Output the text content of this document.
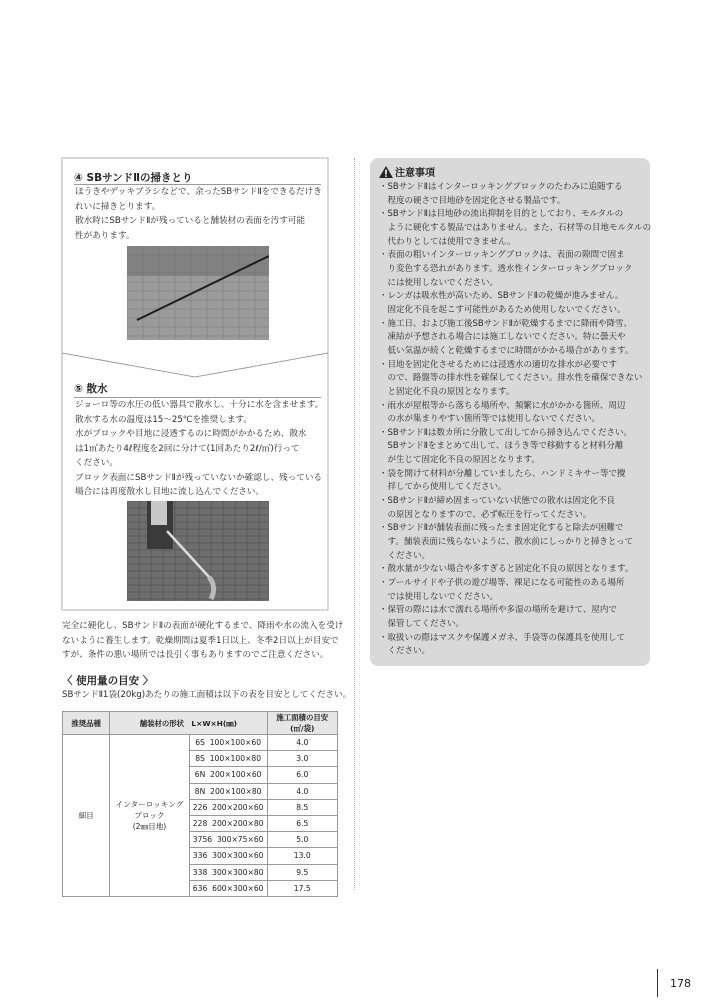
④ SBサンドⅡの掃きとり
ほうきやデッキブラシなどで、余ったSBサンドⅡをできるだけき
れいに掃きとります。
散水時にSBサンドⅡが残っていると舗装材の表面を汚す可能
性があります。
⑤ 散水
ジョーロ等の水圧の低い器具で散水し、十分に水を含ませます。
散水する水の温度は15～25℃を推奨します。
水がブロックや目地に浸透するのに時間がかかるため、散水
は1㎡あたり4ℓ程度を2回に分けて(1回あたり2ℓ/㎡)行って
ください。
ブロック表面にSBサンドⅡが残っていないか確認し、残っている
場合には再度散水し目地に流し込んでください。
完全に硬化し、SBサンドⅡの表面が硬化するまで、降雨や水の流入を受け
ないように養生します。乾燥期間は夏季1日以上、冬季2日以上が目安で
すが、条件の悪い場所では長引く事もありますのでご注意ください。
〈 使用量の目安 〉
SBサンドⅡ1袋(20kg)あたりの施工面積は以下の表を目安としてください。
推奨品種	舗装材の形状　L×W×H(㎜)		施工面積の目安
(㎡/袋)

細目	インターロッキング
ブロック
(2㎜目地)	6S 100×100×60	4.0
		8S 100×100×80	3.0
		6N 200×100×60	6.0
		8N 200×100×80	4.0
		226 200×200×60	8.5
		228 200×200×80	6.5
		3756 300×75×60	5.0
		336 300×300×60	13.0
		338 300×300×80	9.5
		636 600×300×60	17.5
注意事項
・SBサンドⅡはインターロッキングブロックのたわみに追随する
　程度の硬さで目地砂を固定化させる製品です。
・SBサンドⅡは目地砂の流出抑制を目的としており、モルタルの
　ように硬化する製品ではありません。また、石材等の目地モルタルの
　代わりとしては使用できません。
・表面の粗いインターロッキングブロックは、表面の隙間で固ま
　り変色する恐れがあります。透水性インターロッキングブロック
　には使用しないでください。
・レンガは吸水性が高いため、SBサンドⅡの乾燥が進みません。
　固定化不良を起こす可能性があるため使用しないでください。
・施工日、および施工後SBサンドⅡが乾燥するまでに降雨や降雪、
　凍結が予想される場合には施工しないでください。特に曇天や
　低い気温が続くと乾燥するまでに時間がかかる場合があります。
・目地を固定化させるためには浸透水の適切な排水が必要です
　ので、路盤等の排水性を確保してください。排水性を確保できない
　と固定化不良の原因となります。
・雨水が屋根等から落ちる場所や、頻繁に水がかかる箇所、周辺
　の水が集まりやすい箇所等では使用しないでください。
・SBサンドⅡは数カ所に分散して出してから掃き込んでください。
　SBサンドⅡをまとめて出して、ほうき等で移動すると材料分離
　が生じて固定化不良の原因となります。
・袋を開けて材料が分離していましたら、ハンドミキサー等で攪
　拌してから使用してください。
・SBサンドⅡが締め固まっていない状態での散水は固定化不良
　の原因となりますので、必ず転圧を行ってください。
・SBサンドⅡが舗装表面に残ったまま固定化すると除去が困難で
　す。舗装表面に残らないように、散水前にしっかりと掃きとって
　ください。
・散水量が少ない場合や多すぎると固定化不良の原因となります。
・プールサイドや子供の遊び場等、裸足になる可能性のある場所
　では使用しないでください。
・保管の際には水で濡れる場所や多湿の場所を避けて、屋内で
　保管してください。
・取扱いの際はマスクや保護メガネ、手袋等の保護具を使用して
　ください。
178
